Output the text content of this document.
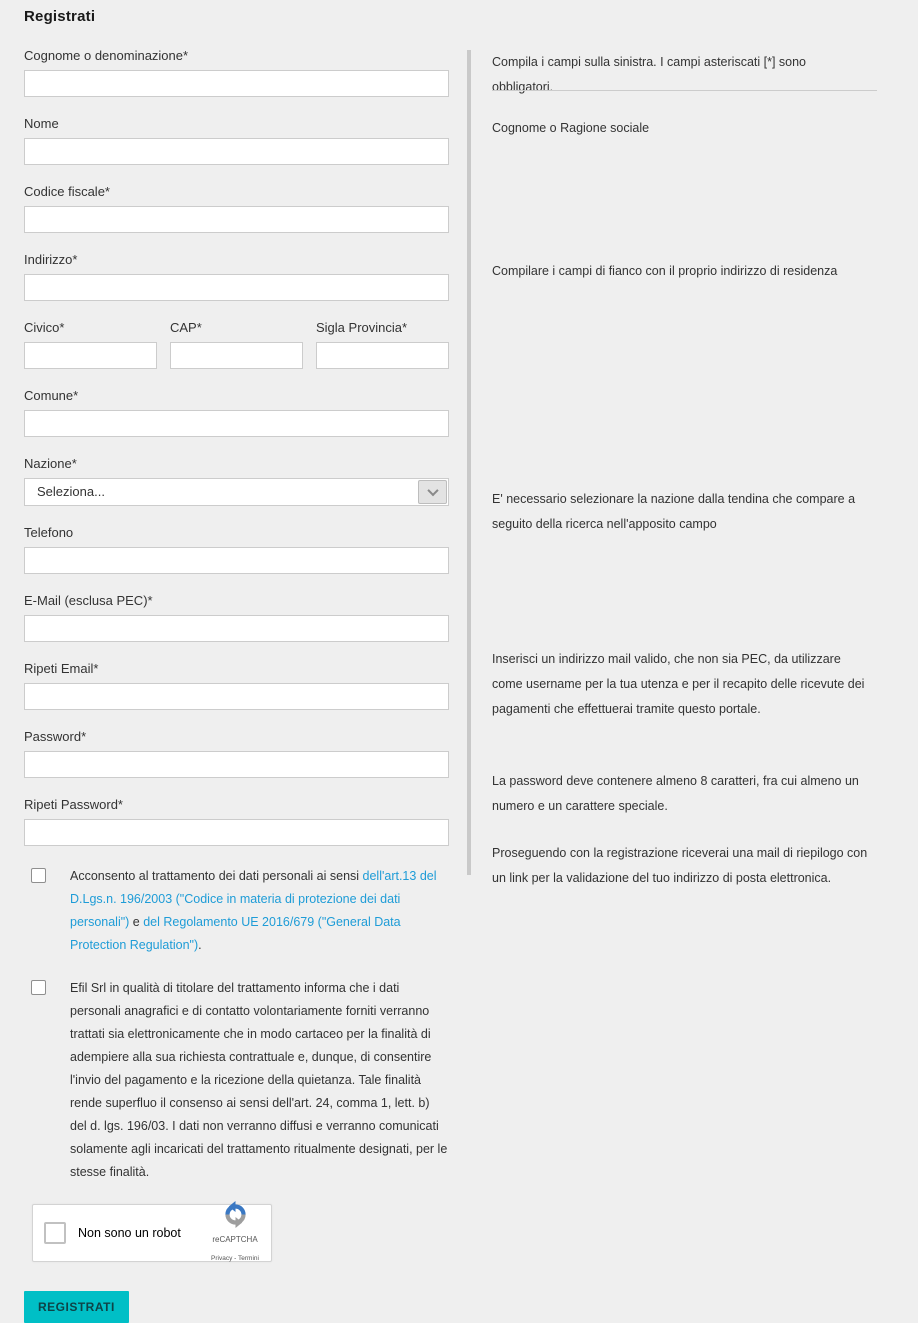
Registrati
Cognome o denominazione*
Nome
Codice fiscale*
Indirizzo*
Civico*	CAP*	Sigla Provincia*
Comune*
Nazione*
Seleziona...
Telefono
E-Mail (esclusa PEC)*
Ripeti Email*
Password*
Ripeti Password*

Acconsento al trattamento dei dati personali ai sensi dell'art.13 del D.Lgs.n. 196/2003 ("Codice in materia di protezione dei dati personali") e del Regolamento UE 2016/679 ("General Data Protection Regulation").

Efil Srl in qualità di titolare del trattamento informa che i dati personali anagrafici e di contatto volontariamente forniti verranno trattati sia elettronicamente che in modo cartaceo per la finalità di adempiere alla sua richiesta contrattuale e, dunque, di consentire l'invio del pagamento e la ricezione della quietanza. Tale finalità rende superfluo il consenso ai sensi dell'art. 24, comma 1, lett. b) del d. lgs. 196/03. I dati non verranno diffusi e verranno comunicati solamente agli incaricati del trattamento ritualmente designati, per le stesse finalità.

Non sono un robot	reCAPTCHA Privacy - Termini
REGISTRATI

Compila i campi sulla sinistra. I campi asteriscati [*] sono obbligatori.

Cognome o Ragione sociale

Compilare i campi di fianco con il proprio indirizzo di residenza

E' necessario selezionare la nazione dalla tendina che compare a seguito della ricerca nell'apposito campo

Inserisci un indirizzo mail valido, che non sia PEC, da utilizzare come username per la tua utenza e per il recapito delle ricevute dei pagamenti che effettuerai tramite questo portale.

La password deve contenere almeno 8 caratteri, fra cui almeno un numero e un carattere speciale.

Proseguendo con la registrazione riceverai una mail di riepilogo con un link per la validazione del tuo indirizzo di posta elettronica.
